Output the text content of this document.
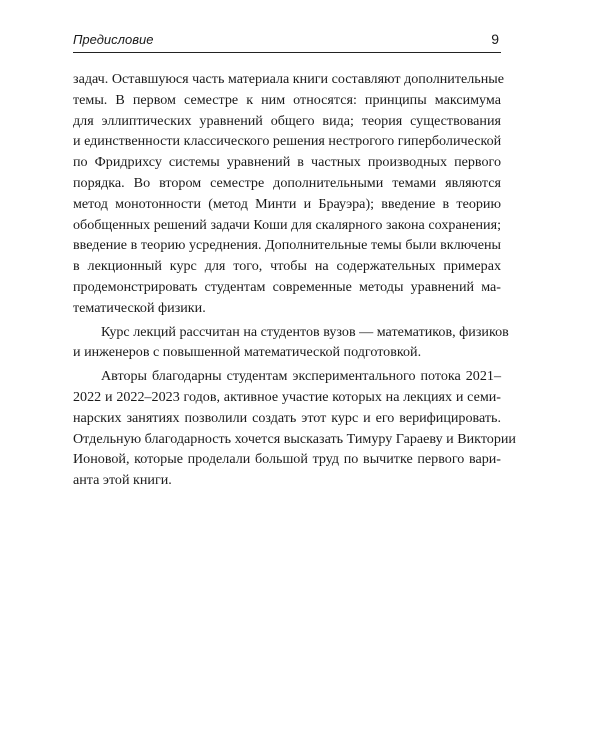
Предисловие	9
задач. Оставшуюся часть материала книги составляют дополнительные
темы. В первом семестре к ним относятся: принципы максимума
для эллиптических уравнений общего вида; теория существования
и единственности классического решения нестрогого гиперболической
по Фридрихсу системы уравнений в частных производных первого
порядка. Во втором семестре дополнительными темами являются
метод монотонности (метод Минти и Брауэра); введение в теорию
обобщенных решений задачи Коши для скалярного закона сохранения;
введение в теорию усреднения. Дополнительные темы были включены
в лекционный курс для того, чтобы на содержательных примерах
продемонстрировать студентам современные методы уравнений ма-
тематической физики.
Курс лекций рассчитан на студентов вузов — математиков, физиков
и инженеров с повышенной математической подготовкой.
Авторы благодарны студентам экспериментального потока 2021–
2022 и 2022–2023 годов, активное участие которых на лекциях и семи-
нарских занятиях позволили создать этот курс и его верифицировать.
Отдельную благодарность хочется высказать Тимуру Гараеву и Виктории
Ионовой, которые проделали большой труд по вычитке первого вари-
анта этой книги.
